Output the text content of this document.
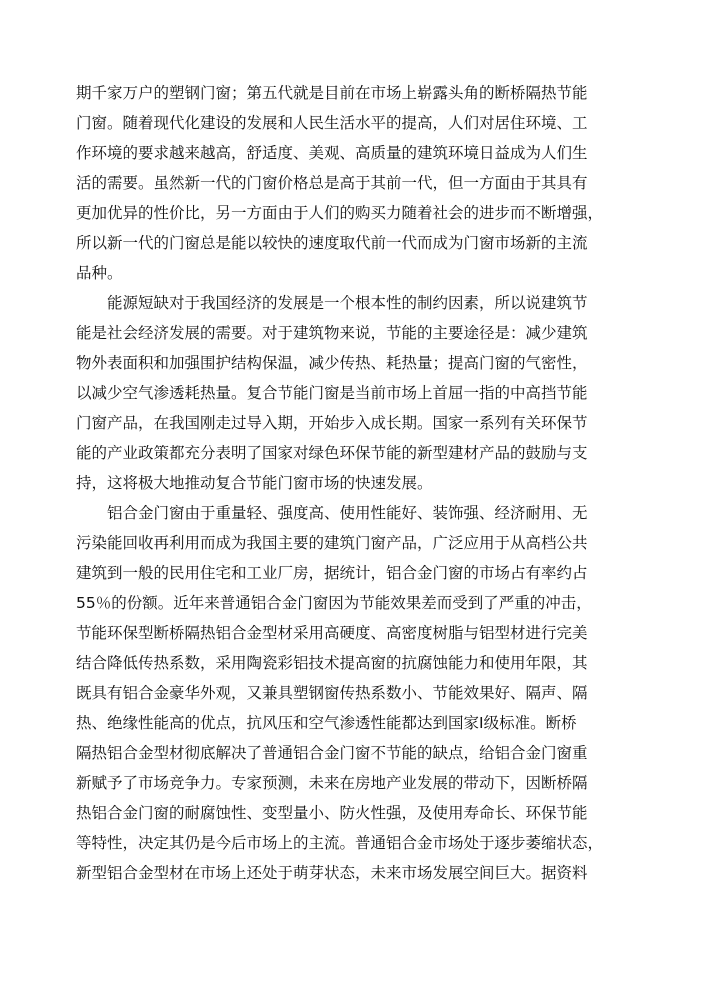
期千家万户的塑钢门窗；第五代就是目前在市场上崭露头角的断桥隔热节能
门窗。随着现代化建设的发展和人民生活水平的提高，人们对居住环境、工
作环境的要求越来越高，舒适度、美观、高质量的建筑环境日益成为人们生
活的需要。虽然新一代的门窗价格总是高于其前一代，但一方面由于其具有
更加优异的性价比，另一方面由于人们的购买力随着社会的进步而不断增强，
所以新一代的门窗总是能以较快的速度取代前一代而成为门窗市场新的主流
品种。
能源短缺对于我国经济的发展是一个根本性的制约因素，所以说建筑节
能是社会经济发展的需要。对于建筑物来说，节能的主要途径是：减少建筑
物外表面积和加强围护结构保温，减少传热、耗热量；提高门窗的气密性，
以减少空气渗透耗热量。复合节能门窗是当前市场上首屈一指的中高挡节能
门窗产品，在我国刚走过导入期，开始步入成长期。国家一系列有关环保节
能的产业政策都充分表明了国家对绿色环保节能的新型建材产品的鼓励与支
持，这将极大地推动复合节能门窗市场的快速发展。
铝合金门窗由于重量轻、强度高、使用性能好、装饰强、经济耐用、无
污染能回收再利用而成为我国主要的建筑门窗产品，广泛应用于从高档公共
建筑到一般的民用住宅和工业厂房，据统计，铝合金门窗的市场占有率约占
55％的份额。近年来普通铝合金门窗因为节能效果差而受到了严重的冲击，
节能环保型断桥隔热铝合金型材采用高硬度、高密度树脂与铝型材进行完美
结合降低传热系数，采用陶瓷彩铝技术提高窗的抗腐蚀能力和使用年限，其
既具有铝合金豪华外观，又兼具塑钢窗传热系数小、节能效果好、隔声、隔
热、绝缘性能高的优点，抗风压和空气渗透性能都达到国家Ⅰ级标准。断桥
隔热铝合金型材彻底解决了普通铝合金门窗不节能的缺点，给铝合金门窗重
新赋予了市场竞争力。专家预测，未来在房地产业发展的带动下，因断桥隔
热铝合金门窗的耐腐蚀性、变型量小、防火性强，及使用寿命长、环保节能
等特性，决定其仍是今后市场上的主流。普通铝合金市场处于逐步萎缩状态，
新型铝合金型材在市场上还处于萌芽状态，未来市场发展空间巨大。据资料
